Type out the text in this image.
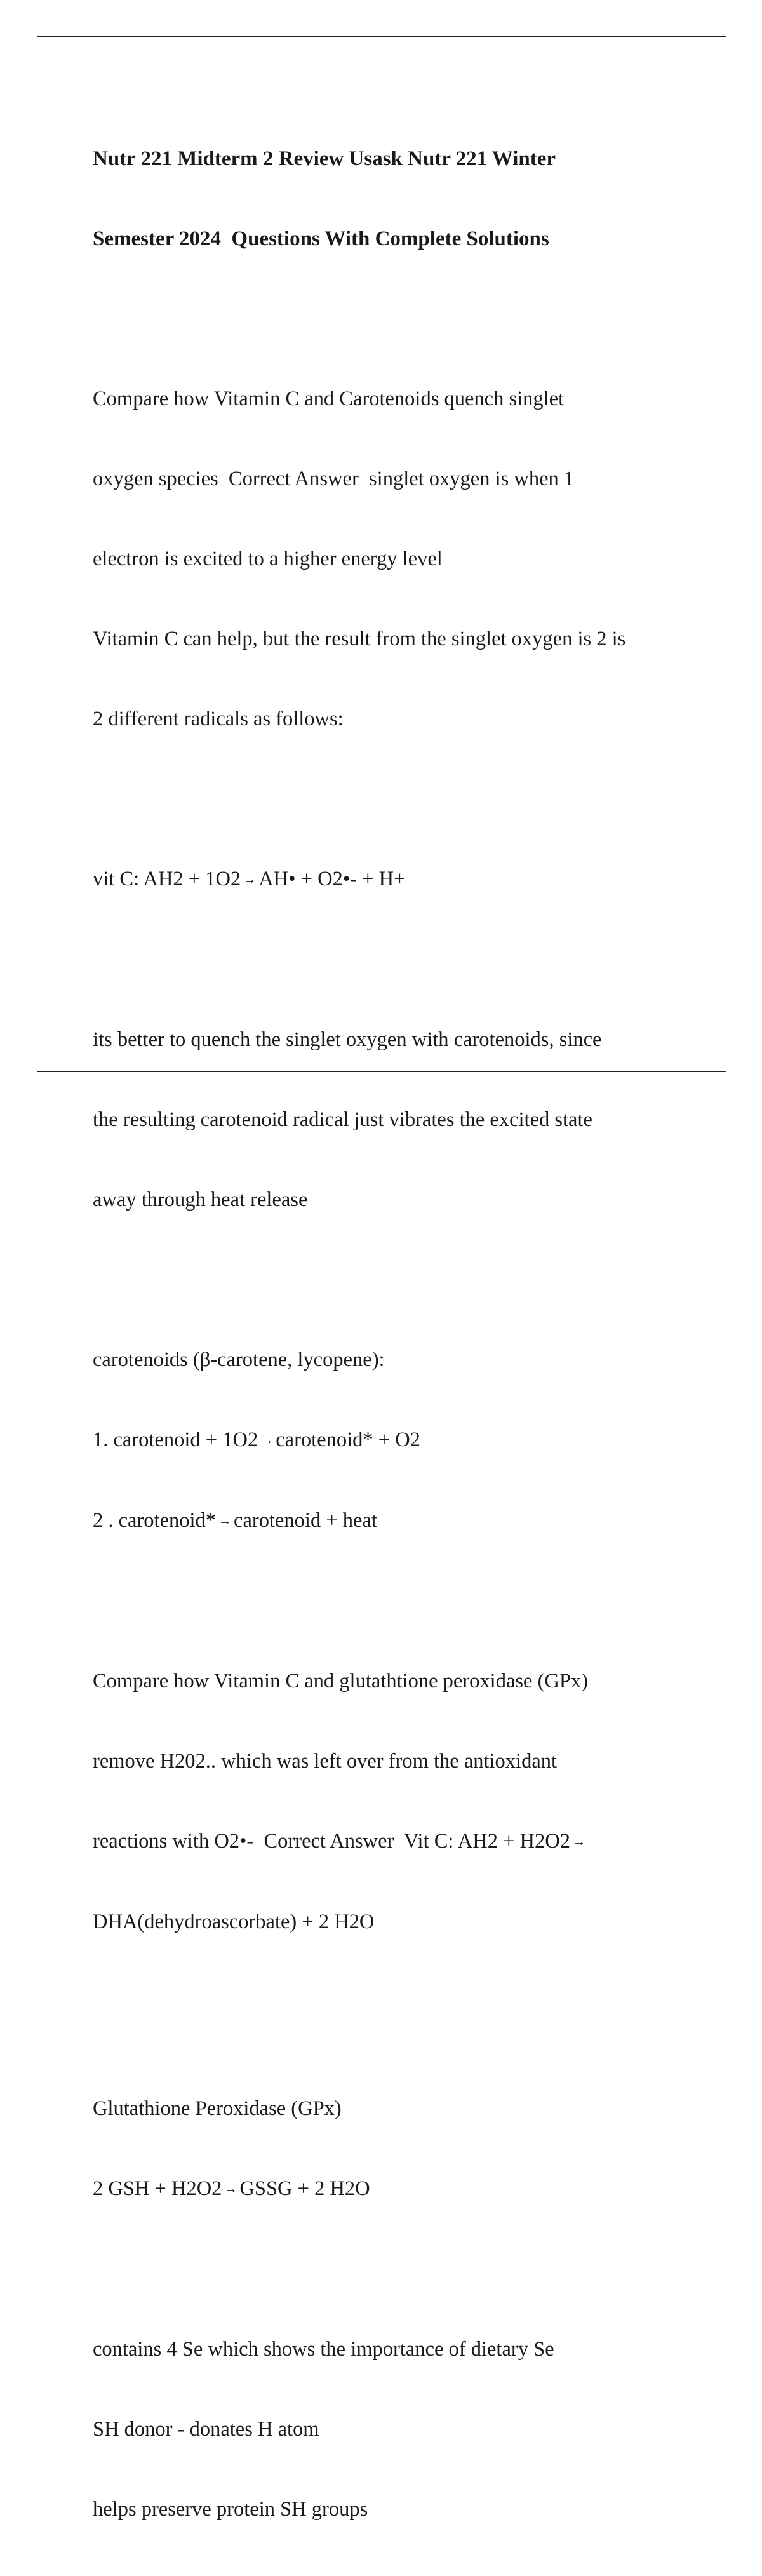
Nutr 221 Midterm 2 Review Usask Nutr 221 Winter

Semester 2024  Questions With Complete Solutions

Compare how Vitamin C and Carotenoids quench singlet

oxygen species  Correct Answer  singlet oxygen is when 1

electron is excited to a higher energy level

Vitamin C can help, but the result from the singlet oxygen is 2 is

2 different radicals as follows:

vit C: AH2 + 1O2 → AH• + O2•- + H+

its better to quench the singlet oxygen with carotenoids, since

the resulting carotenoid radical just vibrates the excited state

away through heat release

carotenoids (β-carotene, lycopene):

1. carotenoid + 1O2 → carotenoid* + O2

2 . carotenoid* → carotenoid + heat

Compare how Vitamin C and glutathtione peroxidase (GPx)

remove H202.. which was left over from the antioxidant

reactions with O2•-  Correct Answer  Vit C: AH2 + H2O2 →

DHA(dehydroascorbate) + 2 H2O

Glutathione Peroxidase (GPx)

2 GSH + H2O2 → GSSG + 2 H2O

contains 4 Se which shows the importance of dietary Se

SH donor - donates H atom

helps preserve protein SH groups
